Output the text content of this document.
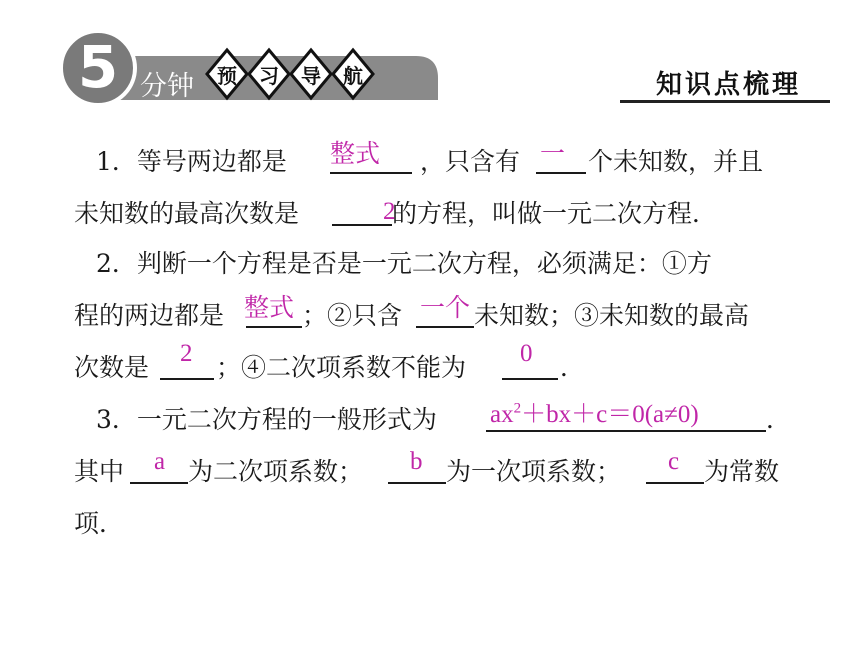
预	习	导	航
5 分钟	知识点梳理
1．等号两边都是 整式 ，只含有 一 个未知数，并且
未知数的最高次数是	2
的方程，叫做一元二次方程．
2．判断一个方程是否是一元二次方程，必须满足：①方
程的两边都是 整式 ；②只含 一个 未知数；③未知数的最高
次数是 2 ；④二次项系数不能为 0 ．
3．一元二次方程的一般形式为 $ax^2+bx+c=0(a\ne 0)$	．
其中 a 为二次项系数； b 为一次项系数； c 为常数
项．
